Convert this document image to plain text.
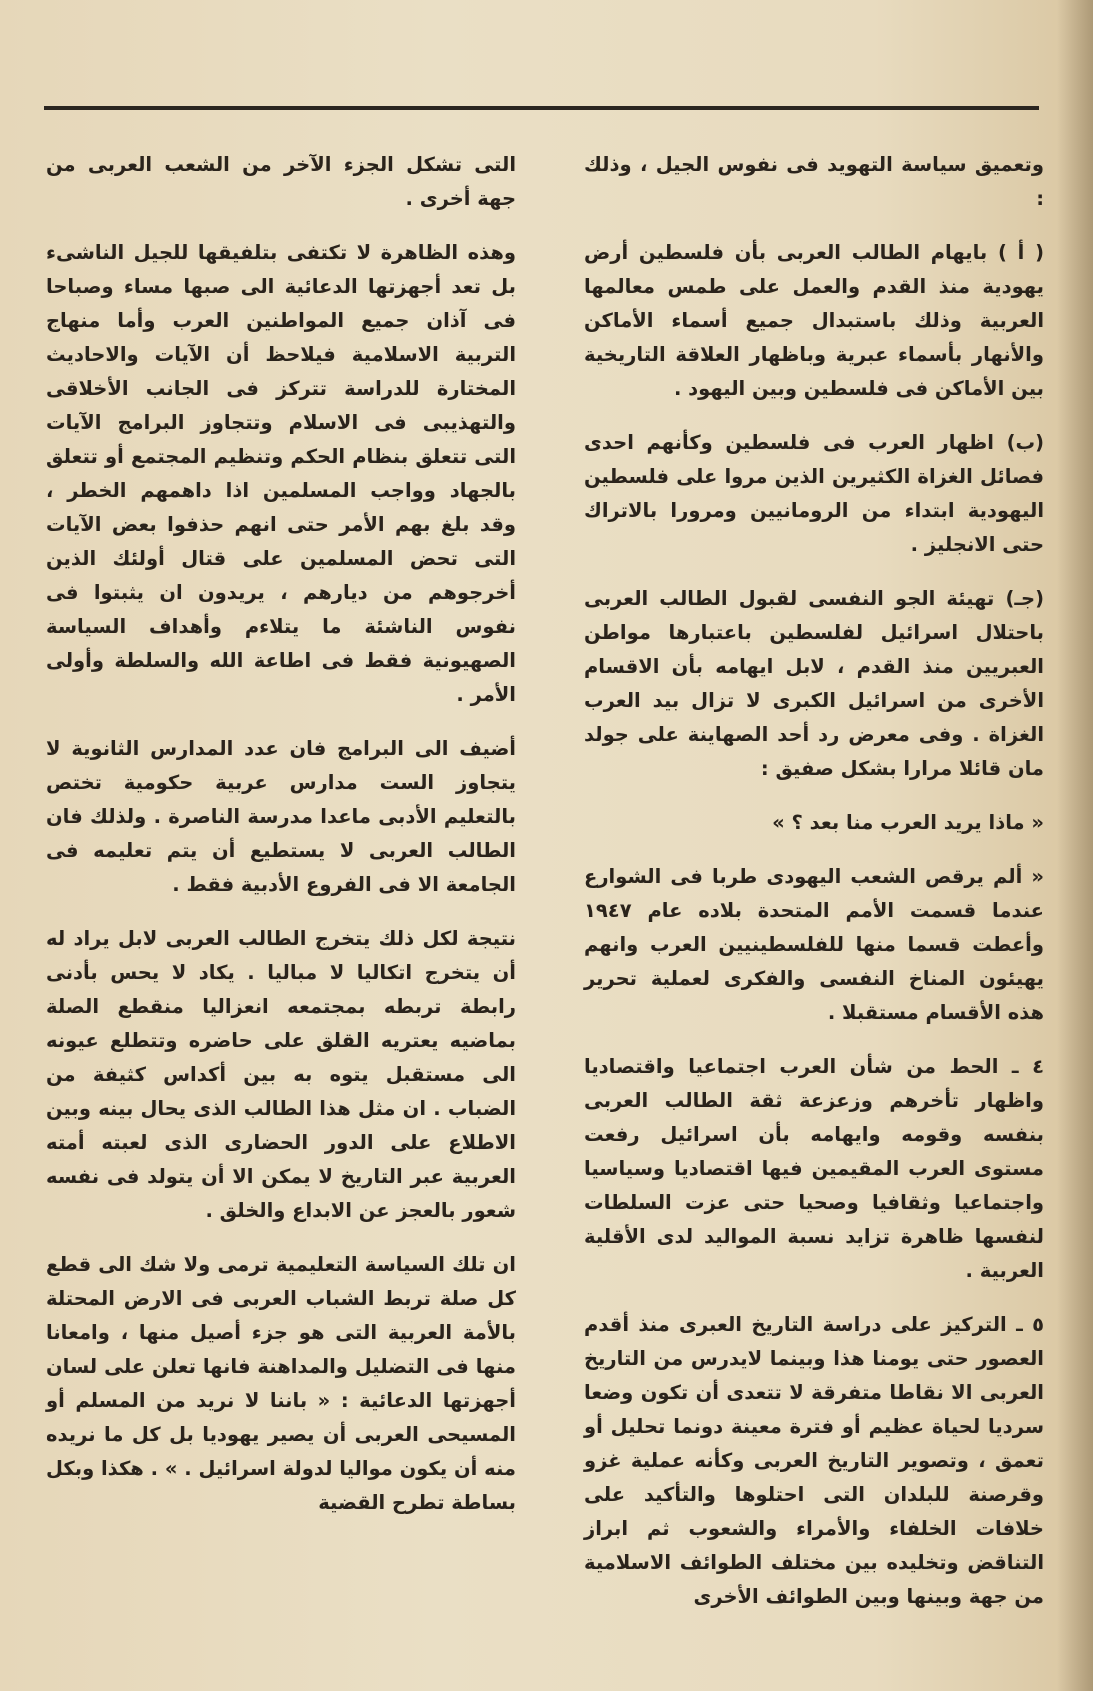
وتعميق سياسة التهويد فى نفوس الجيل ، وذلك :

( أ ) بايهام الطالب العربى بأن فلسطين أرض يهودية منذ القدم والعمل على طمس معالمها العربية وذلك باستبدال جميع أسماء الأماكن والأنهار بأسماء عبرية وباظهار العلاقة التاريخية بين الأماكن فى فلسطين وبين اليهود .

(ب) اظهار العرب فى فلسطين وكأنهم احدى فصائل الغزاة الكثيرين الذين مروا على فلسطين اليهودية ابتداء من الرومانيين ومرورا بالاتراك حتى الانجليز .

(جـ) تهيئة الجو النفسى لقبول الطالب العربى باحتلال اسرائيل لفلسطين باعتبارها مواطن العبريين منذ القدم ، لابل ايهامه بأن الاقسام الأخرى من اسرائيل الكبرى لا تزال بيد العرب الغزاة . وفى معرض رد أحد الصهاينة على جولد مان قائلا مرارا بشكل صفيق :

« ماذا يريد العرب منا بعد ؟ »

« ألم يرقص الشعب اليهودى طربا فى الشوارع عندما قسمت الأمم المتحدة بلاده عام ١٩٤٧ وأعطت قسما منها للفلسطينيين العرب وانهم يهيئون المناخ النفسى والفكرى لعملية تحرير هذه الأقسام مستقبلا .

٤ ـ الحط من شأن العرب اجتماعيا واقتصاديا واظهار تأخرهم وزعزعة ثقة الطالب العربى بنفسه وقومه وايهامه بأن اسرائيل رفعت مستوى العرب المقيمين فيها اقتصاديا وسياسيا واجتماعيا وثقافيا وصحيا حتى عزت السلطات لنفسها ظاهرة تزايد نسبة المواليد لدى الأقلية العربية .

٥ ـ التركيز على دراسة التاريخ العبرى منذ أقدم العصور حتى يومنا هذا وبينما لايدرس من التاريخ العربى الا نقاطا متفرقة لا تتعدى أن تكون وضعا سرديا لحياة عظيم أو فترة معينة دونما تحليل أو تعمق ، وتصوير التاريخ العربى وكأنه عملية غزو وقرصنة للبلدان التى احتلوها والتأكيد على خلافات الخلفاء والأمراء والشعوب ثم ابراز التناقض وتخليده بين مختلف الطوائف الاسلامية من جهة وبينها وبين الطوائف الأخرى

التى تشكل الجزء الآخر من الشعب العربى من جهة أخرى .

وهذه الظاهرة لا تكتفى بتلفيقها للجيل الناشىء بل تعد أجهزتها الدعائية الى صبها مساء وصباحا فى آذان جميع المواطنين العرب وأما منهاج التربية الاسلامية فيلاحظ أن الآيات والاحاديث المختارة للدراسة تتركز فى الجانب الأخلاقى والتهذيبى فى الاسلام وتتجاوز البرامج الآيات التى تتعلق بنظام الحكم وتنظيم المجتمع أو تتعلق بالجهاد وواجب المسلمين اذا داهمهم الخطر ، وقد بلغ بهم الأمر حتى انهم حذفوا بعض الآيات التى تحض المسلمين على قتال أولئك الذين أخرجوهم من ديارهم ، يريدون ان يثبتوا فى نفوس الناشئة ما يتلاءم وأهداف السياسة الصهيونية فقط فى اطاعة الله والسلطة وأولى الأمر .

أضيف الى البرامج فان عدد المدارس الثانوية لا يتجاوز الست مدارس عربية حكومية تختص بالتعليم الأدبى ماعدا مدرسة الناصرة . ولذلك فان الطالب العربى لا يستطيع أن يتم تعليمه فى الجامعة الا فى الفروع الأدبية فقط .

نتيجة لكل ذلك يتخرج الطالب العربى لابل يراد له أن يتخرج اتكاليا لا مباليا . يكاد لا يحس بأدنى رابطة تربطه بمجتمعه انعزاليا منقطع الصلة بماضيه يعتريه القلق على حاضره وتتطلع عيونه الى مستقبل يتوه به بين أكداس كثيفة من الضباب . ان مثل هذا الطالب الذى يحال بينه وبين الاطلاع على الدور الحضارى الذى لعبته أمته العربية عبر التاريخ لا يمكن الا أن يتولد فى نفسه شعور بالعجز عن الابداع والخلق .

ان تلك السياسة التعليمية ترمى ولا شك الى قطع كل صلة تربط الشباب العربى فى الارض المحتلة بالأمة العربية التى هو جزء أصيل منها ، وامعانا منها فى التضليل والمداهنة فانها تعلن على لسان أجهزتها الدعائية : « باننا لا نريد من المسلم أو المسيحى العربى أن يصير يهوديا بل كل ما نريده منه أن يكون مواليا لدولة اسرائيل . » . هكذا وبكل بساطة تطرح القضية
